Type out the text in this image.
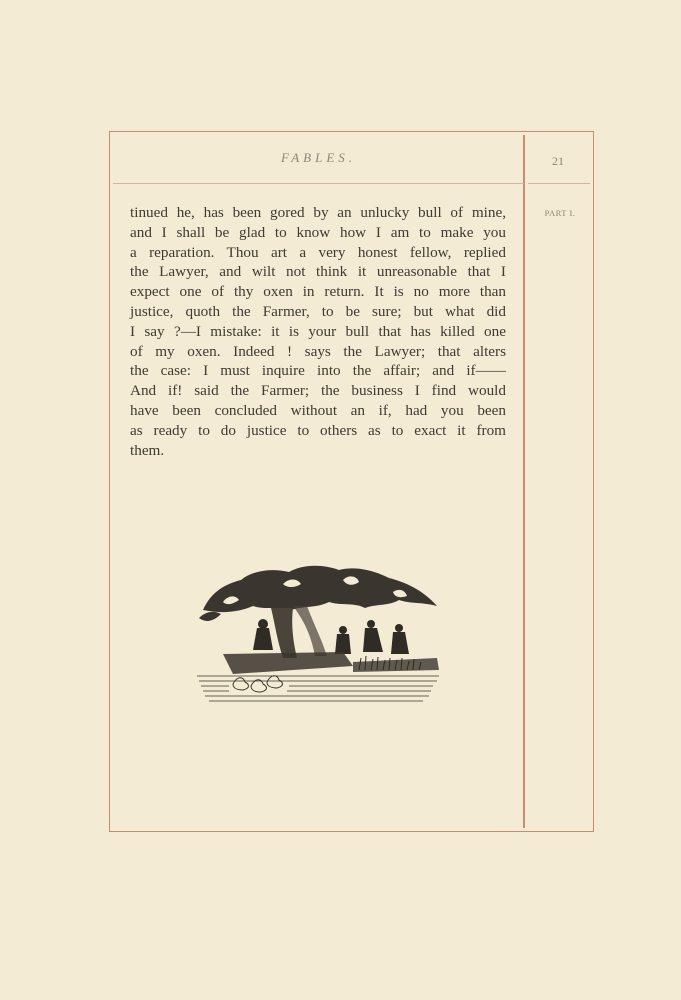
FABLES.	21
PART I.
tinued he, has been gored by an unlucky bull of mine,
and I shall be glad to know how I am to make you
a reparation. Thou art a very honest fellow, replied
the Lawyer, and wilt not think it unreasonable that I
expect one of thy oxen in return. It is no more than
justice, quoth the Farmer, to be sure; but what did
I say ?—I mistake: it is your bull that has killed one
of my oxen. Indeed ! says the Lawyer; that alters
the case: I must inquire into the affair; and if——
And if! said the Farmer; the business I find would
have been concluded without an if, had you been
as ready to do justice to others as to exact it from
them.
